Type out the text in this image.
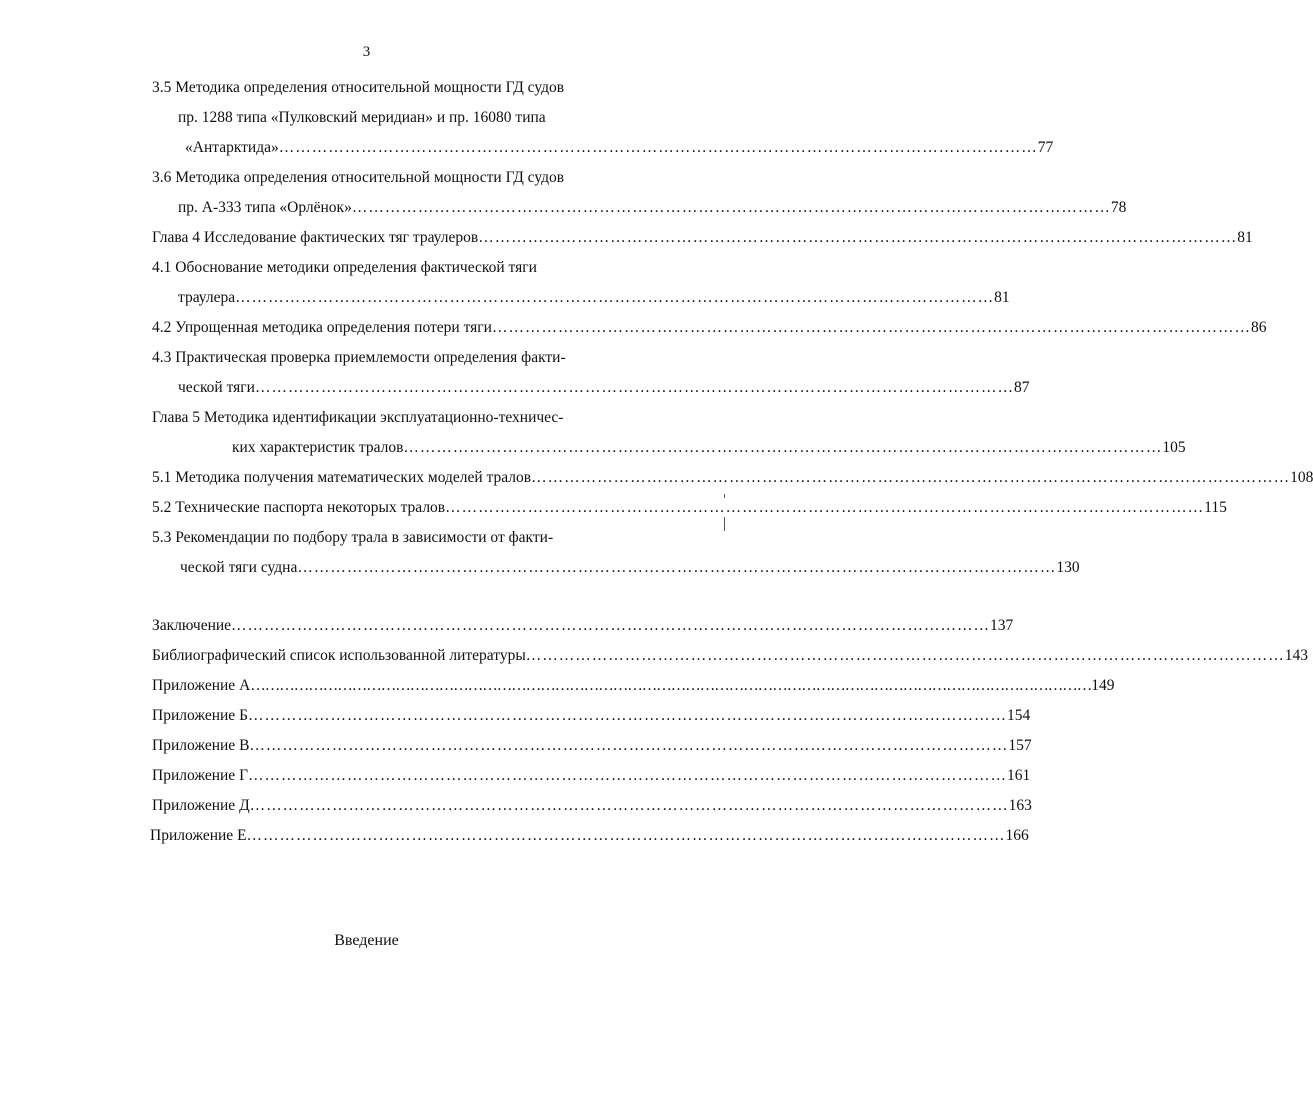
3
3.5 Методика определения относительной мощности ГД судов
пр. 1288 типа «Пулковский меридиан» и пр. 16080 типа
«Антарктида» ………………………………………………………………………………………………………………………… 77
3.6 Методика определения относительной мощности ГД судов
пр. А-333 типа «Орлёнок» ………………………………………………………………………………………………………………………… 78
Глава 4 Исследование фактических тяг траулеров ………………………………………………………………………………………………………………………… 81
4.1 Обоснование методики определения фактической тяги
траулера ………………………………………………………………………………………………………………………… 81
4.2 Упрощенная методика определения потери тяги ………………………………………………………………………………………………………………………… 86
4.3 Практическая проверка приемлемости определения факти-
ческой тяги ………………………………………………………………………………………………………………………… 87
Глава 5 Методика идентификации эксплуатационно-техничес-
ких характеристик тралов ………………………………………………………………………………………………………………………… 105
5.1 Методика получения математических моделей тралов ………………………………………………………………………………………………………………………… 108
5.2 Технические паспорта некоторых тралов ………………………………………………………………………………………………………………………… 115
5.3 Рекомендации по подбору трала в зависимости от факти-
ческой тяги судна ………………………………………………………………………………………………………………………… 130
Заключение ………………………………………………………………………………………………………………………… 137
Библиографический список использованной литературы ………………………………………………………………………………………………………………………… 143
Приложение А ………………………………………………………………………………………………………………………………………………………… 149
Приложение Б ………………………………………………………………………………………………………………………… 154
Приложение В ………………………………………………………………………………………………………………………… 157
Приложение Г ………………………………………………………………………………………………………………………… 161
Приложение Д ………………………………………………………………………………………………………………………… 163
Приложение Е ………………………………………………………………………………………………………………………… 166
Введение
